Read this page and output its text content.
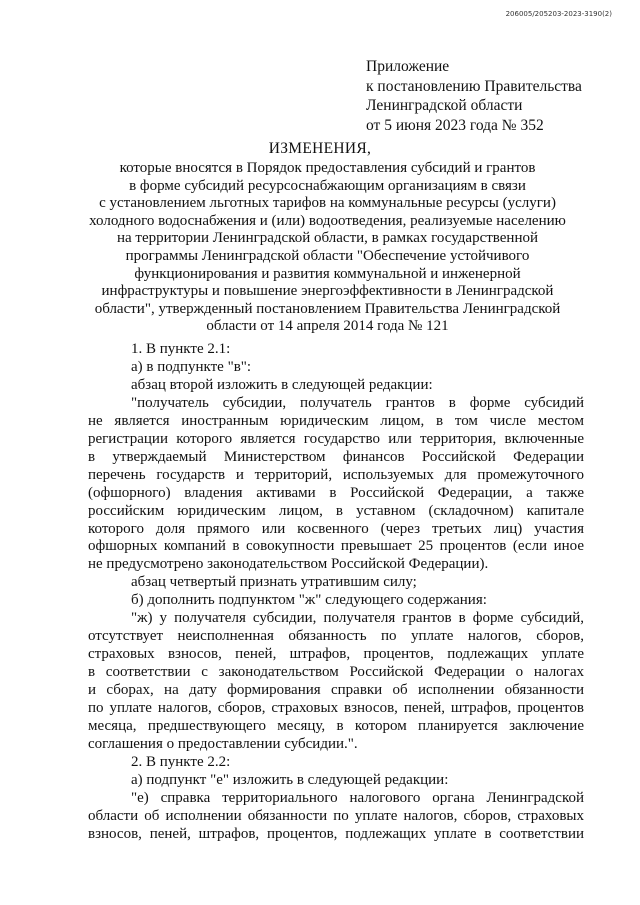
206005/205203-2023-3190(2)
Приложение
к постановлению Правительства
Ленинградской области
от 5 июня 2023 года № 352
ИЗМЕНЕНИЯ,
которые вносятся в Порядок предоставления субсидий и грантов
в форме субсидий ресурсоснабжающим организациям в связи
с установлением льготных тарифов на коммунальные ресурсы (услуги)
холодного водоснабжения и (или) водоотведения, реализуемые населению
на территории Ленинградской области, в рамках государственной
программы Ленинградской области "Обеспечение устойчивого
функционирования и развития коммунальной и инженерной
инфраструктуры и повышение энергоэффективности в Ленинградской
области", утвержденный постановлением Правительства Ленинградской
области от 14 апреля 2014 года № 121
1. В пункте 2.1:
а) в подпункте "в":
абзац второй изложить в следующей редакции:
"получатель субсидии, получатель грантов в форме субсидий
не является иностранным юридическим лицом, в том числе местом
регистрации которого является государство или территория, включенные
в утверждаемый Министерством финансов Российской Федерации
перечень государств и территорий, используемых для промежуточного
(офшорного) владения активами в Российской Федерации, а также
российским юридическим лицом, в уставном (складочном) капитале
которого доля прямого или косвенного (через третьих лиц) участия
офшорных компаний в совокупности превышает 25 процентов (если иное
не предусмотрено законодательством Российской Федерации).
абзац четвертый признать утратившим силу;
б) дополнить подпунктом "ж" следующего содержания:
"ж) у получателя субсидии, получателя грантов в форме субсидий,
отсутствует неисполненная обязанность по уплате налогов, сборов,
страховых взносов, пеней, штрафов, процентов, подлежащих уплате
в соответствии с законодательством Российской Федерации о налогах
и сборах, на дату формирования справки об исполнении обязанности
по уплате налогов, сборов, страховых взносов, пеней, штрафов, процентов
месяца, предшествующего месяцу, в котором планируется заключение
соглашения о предоставлении субсидии.".
2. В пункте 2.2:
а) подпункт "е" изложить в следующей редакции:
"е) справка территориального налогового органа Ленинградской
области об исполнении обязанности по уплате налогов, сборов, страховых
взносов, пеней, штрафов, процентов, подлежащих уплате в соответствии
